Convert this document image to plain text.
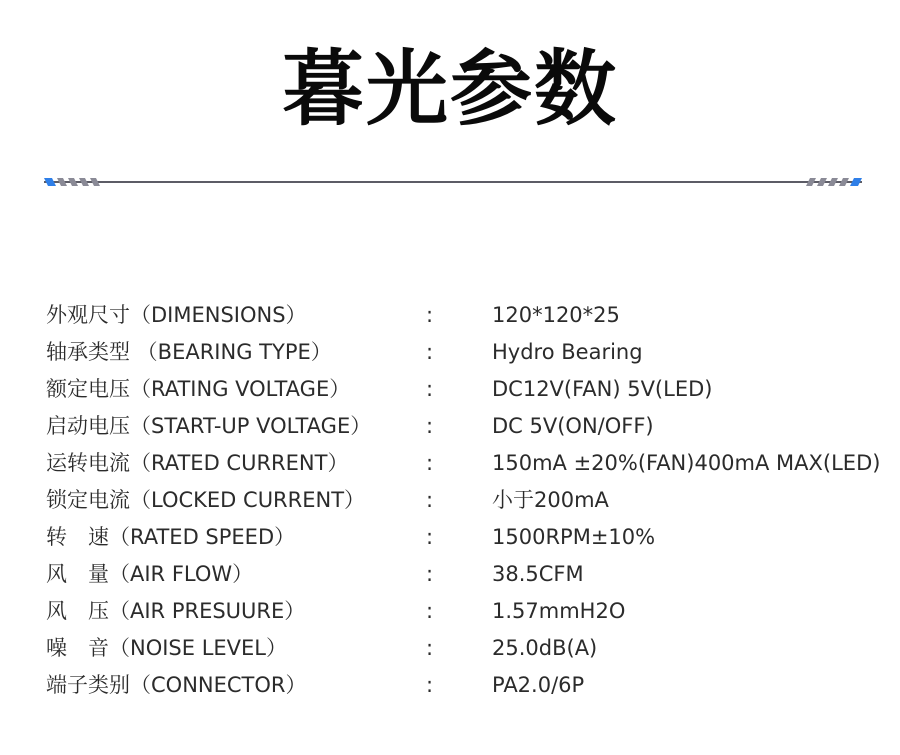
暮光参数
外观尺寸（DIMENSIONS）	:	120*120*25
轴承类型 （BEARING TYPE）	:	Hydro Bearing
额定电压（RATING VOLTAGE）	:	DC12V(FAN) 5V(LED)
启动电压（START-UP VOLTAGE）	:	DC 5V(ON/OFF)
运转电流（RATED CURRENT）	:	150mA ±20%(FAN)400mA MAX(LED)
锁定电流（LOCKED CURRENT）	:	小于200mA
转　速（RATED SPEED）	:	1500RPM±10%
风　量（AIR FLOW）	:	38.5CFM
风　压（AIR PRESUURE）	:	1.57mmH2O
噪　音（NOISE LEVEL）	:	25.0dB(A)
端子类别（CONNECTOR）	:	PA2.0/6P
